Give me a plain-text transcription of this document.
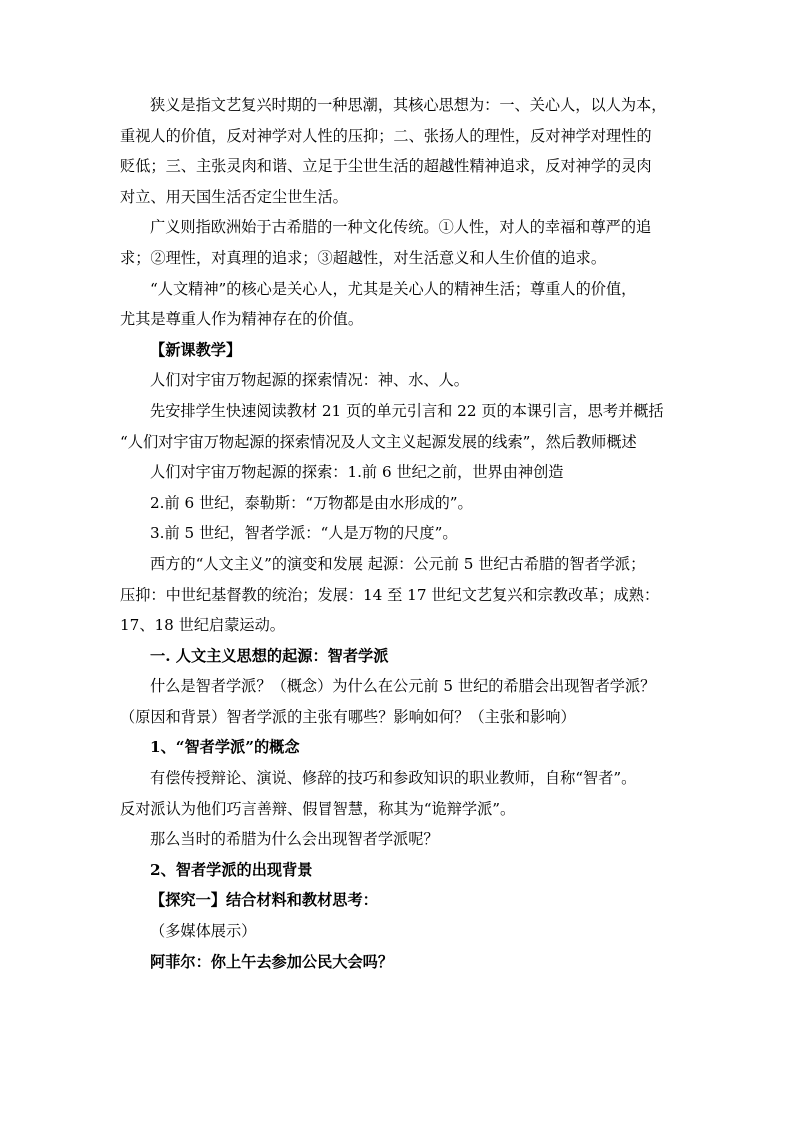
狭义是指文艺复兴时期的一种思潮，其核心思想为：一、关心人，以人为本，

重视人的价值，反对神学对人性的压抑；二、张扬人的理性，反对神学对理性的

贬低；三、主张灵肉和谐、立足于尘世生活的超越性精神追求，反对神学的灵肉

对立、用天国生活否定尘世生活。

广义则指欧洲始于古希腊的一种文化传统。①人性，对人的幸福和尊严的追

求；②理性，对真理的追求；③超越性，对生活意义和人生价值的追求。

“人文精神”的核心是关心人，尤其是关心人的精神生活；尊重人的价值，

尤其是尊重人作为精神存在的价值。

【新课教学】

人们对宇宙万物起源的探索情况：神、水、人。

先安排学生快速阅读教材 21 页的单元引言和 22 页的本课引言，思考并概括

“人们对宇宙万物起源的探索情况及人文主义起源发展的线索”，然后教师概述

人们对宇宙万物起源的探索：1.前 6 世纪之前，世界由神创造

2.前 6 世纪，泰勒斯：“万物都是由水形成的”。

3.前 5 世纪，智者学派：“人是万物的尺度”。

西方的“人文主义”的演变和发展 起源：公元前 5 世纪古希腊的智者学派；

压抑：中世纪基督教的统治；发展：14 至 17 世纪文艺复兴和宗教改革；成熟：

17、18 世纪启蒙运动。

一. 人文主义思想的起源：智者学派

什么是智者学派？（概念）为什么在公元前 5 世纪的希腊会出现智者学派？

（原因和背景）智者学派的主张有哪些？影响如何？（主张和影响）

1、“智者学派”的概念

有偿传授辩论、演说、修辞的技巧和参政知识的职业教师，自称“智者”。

反对派认为他们巧言善辩、假冒智慧，称其为“诡辩学派”。

那么当时的希腊为什么会出现智者学派呢？

2、智者学派的出现背景

【探究一】结合材料和教材思考：

（多媒体展示）

阿菲尔：你上午去参加公民大会吗？
